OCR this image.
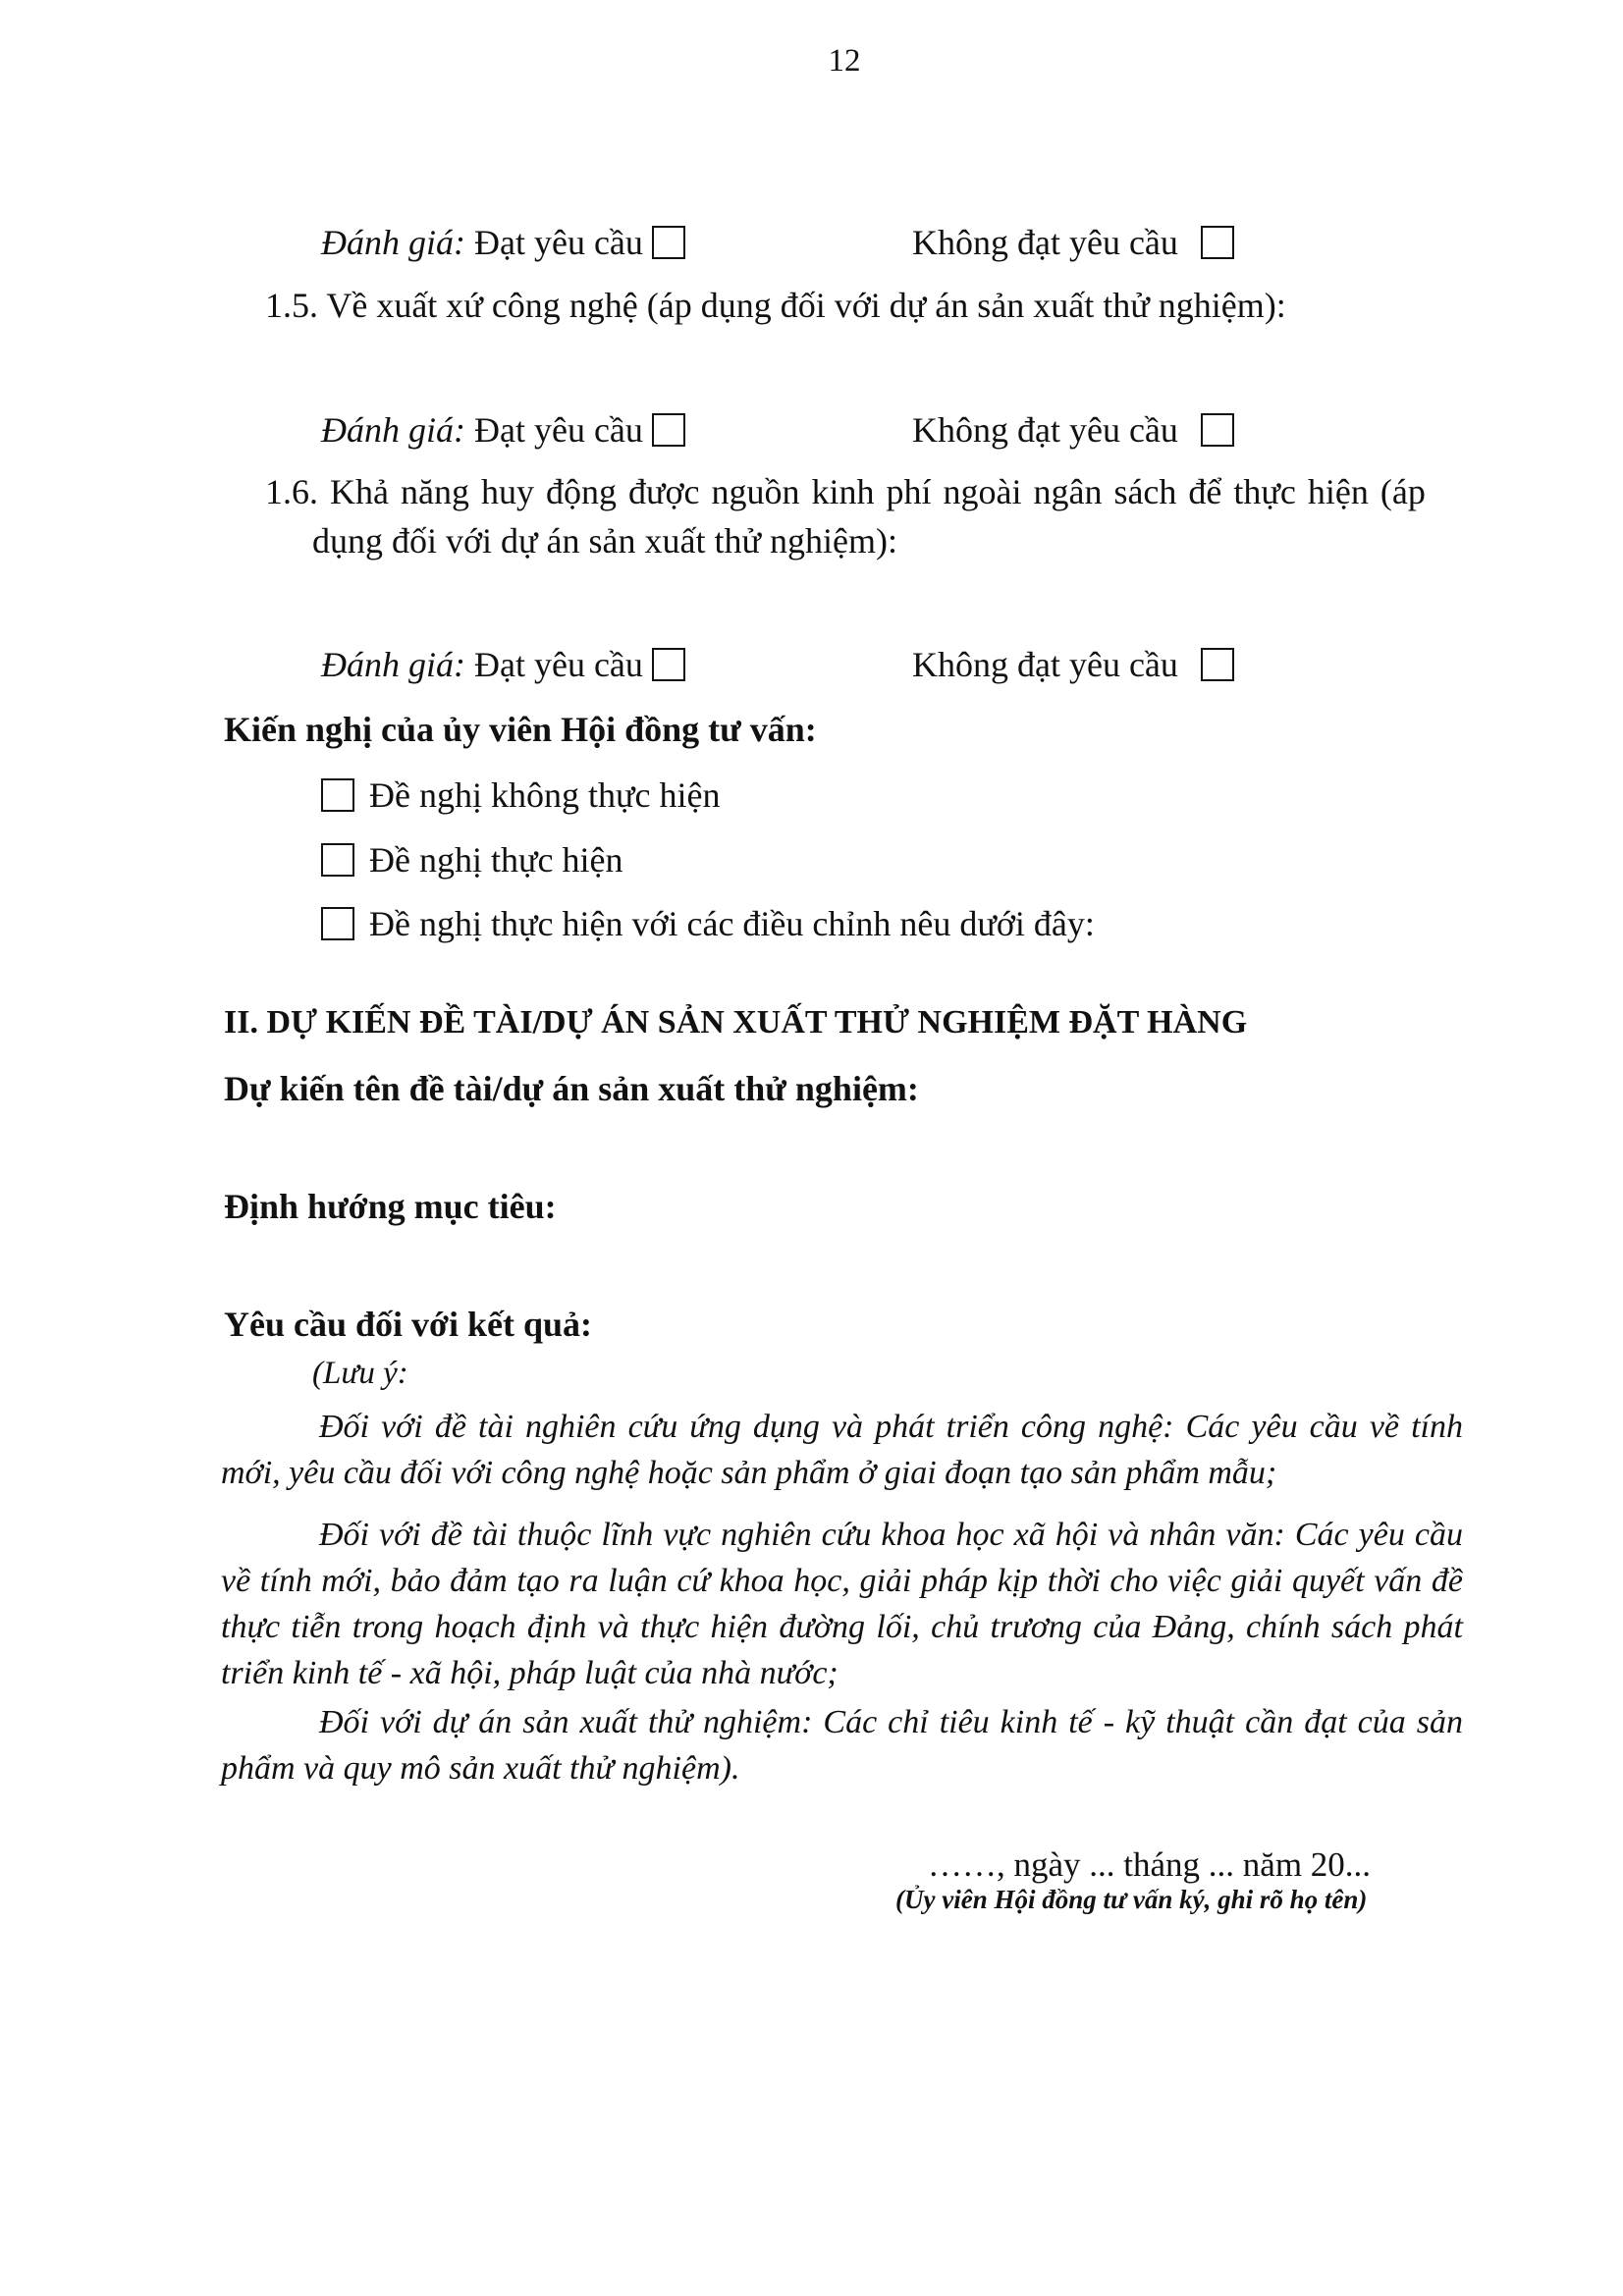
12
Đánh giá: Đạt yêu cầu	Không đạt yêu cầu
1.5. Về xuất xứ công nghệ (áp dụng đối với dự án sản xuất thử nghiệm):
Đánh giá: Đạt yêu cầu	Không đạt yêu cầu
1.6. Khả năng huy động được nguồn kinh phí ngoài ngân sách để thực hiện (áp
dụng đối với dự án sản xuất thử nghiệm):
Đánh giá: Đạt yêu cầu	Không đạt yêu cầu
Kiến nghị của ủy viên Hội đồng tư vấn:
Đề nghị không thực hiện
Đề nghị thực hiện
Đề nghị thực hiện với các điều chỉnh nêu dưới đây:
II. DỰ KIẾN ĐỀ TÀI/DỰ ÁN SẢN XUẤT THỬ NGHIỆM ĐẶT HÀNG
Dự kiến tên đề tài/dự án sản xuất thử nghiệm:
Định hướng mục tiêu:
Yêu cầu đối với kết quả:
(Lưu ý:
Đối với đề tài nghiên cứu ứng dụng và phát triển công nghệ: Các yêu cầu về tính mới, yêu cầu đối với công nghệ hoặc sản phẩm ở giai đoạn tạo sản phẩm mẫu;
Đối với đề tài thuộc lĩnh vực nghiên cứu khoa học xã hội và nhân văn: Các yêu cầu về tính mới, bảo đảm tạo ra luận cứ khoa học, giải pháp kịp thời cho việc giải quyết vấn đề thực tiễn trong hoạch định và thực hiện đường lối, chủ trương của Đảng, chính sách phát triển kinh tế - xã hội, pháp luật của nhà nước;
Đối với dự án sản xuất thử nghiệm: Các chỉ tiêu kinh tế - kỹ thuật cần đạt của sản phẩm và quy mô sản xuất thử nghiệm).
……, ngày ... tháng ... năm 20...
(Ủy viên Hội đồng tư vấn ký, ghi rõ họ tên)
